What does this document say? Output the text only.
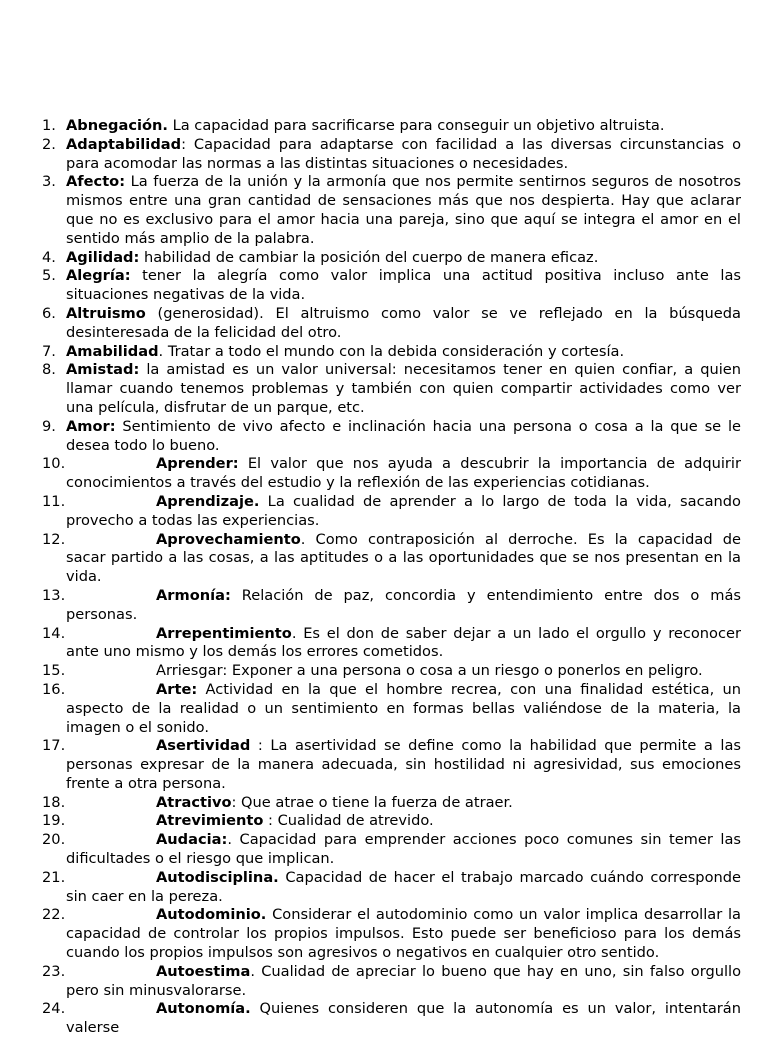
1. Abnegación. La capacidad para sacrificarse para conseguir un objetivo altruista.
2. Adaptabilidad: Capacidad para adaptarse con facilidad a las diversas circunstancias o para acomodar las normas a las distintas situaciones o necesidades.
3. Afecto: La fuerza de la unión y la armonía que nos permite sentirnos seguros de nosotros mismos entre una gran cantidad de sensaciones más que nos despierta. Hay que aclarar que no es exclusivo para el amor hacia una pareja, sino que aquí se integra el amor en el sentido más amplio de la palabra.
4. Agilidad: habilidad de cambiar la posición del cuerpo de manera eficaz.
5. Alegría: tener la alegría como valor implica una actitud positiva incluso ante las situaciones negativas de la vida.
6. Altruismo (generosidad). El altruismo como valor se ve reflejado en la búsqueda desinteresada de la felicidad del otro.
7. Amabilidad. Tratar a todo el mundo con la debida consideración y cortesía.
8. Amistad: la amistad es un valor universal: necesitamos tener en quien confiar, a quien llamar cuando tenemos problemas y también con quien compartir actividades como ver una película, disfrutar de un parque, etc.
9. Amor: Sentimiento de vivo afecto e inclinación hacia una persona o cosa a la que se le desea todo lo bueno.
10.	Aprender: El valor que nos ayuda a descubrir la importancia de adquirir conocimientos a través del estudio y la reflexión de las experiencias cotidianas.
11.	Aprendizaje. La cualidad de aprender a lo largo de toda la vida, sacando provecho a todas las experiencias.
12.	Aprovechamiento. Como contraposición al derroche. Es la capacidad de sacar partido a las cosas, a las aptitudes o a las oportunidades que se nos presentan en la vida.
13.	Armonía: Relación de paz, concordia y entendimiento entre dos o más personas.
14.	Arrepentimiento. Es el don de saber dejar a un lado el orgullo y reconocer ante uno mismo y los demás los errores cometidos.
15.	Arriesgar: Exponer a una persona o cosa a un riesgo o ponerlos en peligro.
16.	Arte: Actividad en la que el hombre recrea, con una finalidad estética, un aspecto de la realidad o un sentimiento en formas bellas valiéndose de la materia, la imagen o el sonido.
17.	Asertividad : La asertividad se define como la habilidad que permite a las personas expresar de la manera adecuada, sin hostilidad ni agresividad, sus emociones frente a otra persona.
18.	Atractivo: Que atrae o tiene la fuerza de atraer.
19.	Atrevimiento : Cualidad de atrevido.
20.	Audacia:. Capacidad para emprender acciones poco comunes sin temer las dificultades o el riesgo que implican.
21.	Autodisciplina. Capacidad de hacer el trabajo marcado cuándo corresponde sin caer en la pereza.
22.	Autodominio. Considerar el autodominio como un valor implica desarrollar la capacidad de controlar los propios impulsos. Esto puede ser beneficioso para los demás cuando los propios impulsos son agresivos o negativos en cualquier otro sentido.
23.	Autoestima. Cualidad de apreciar lo bueno que hay en uno, sin falso orgullo pero sin minusvalorarse.
24.	Autonomía. Quienes consideren que la autonomía es un valor, intentarán valerse
